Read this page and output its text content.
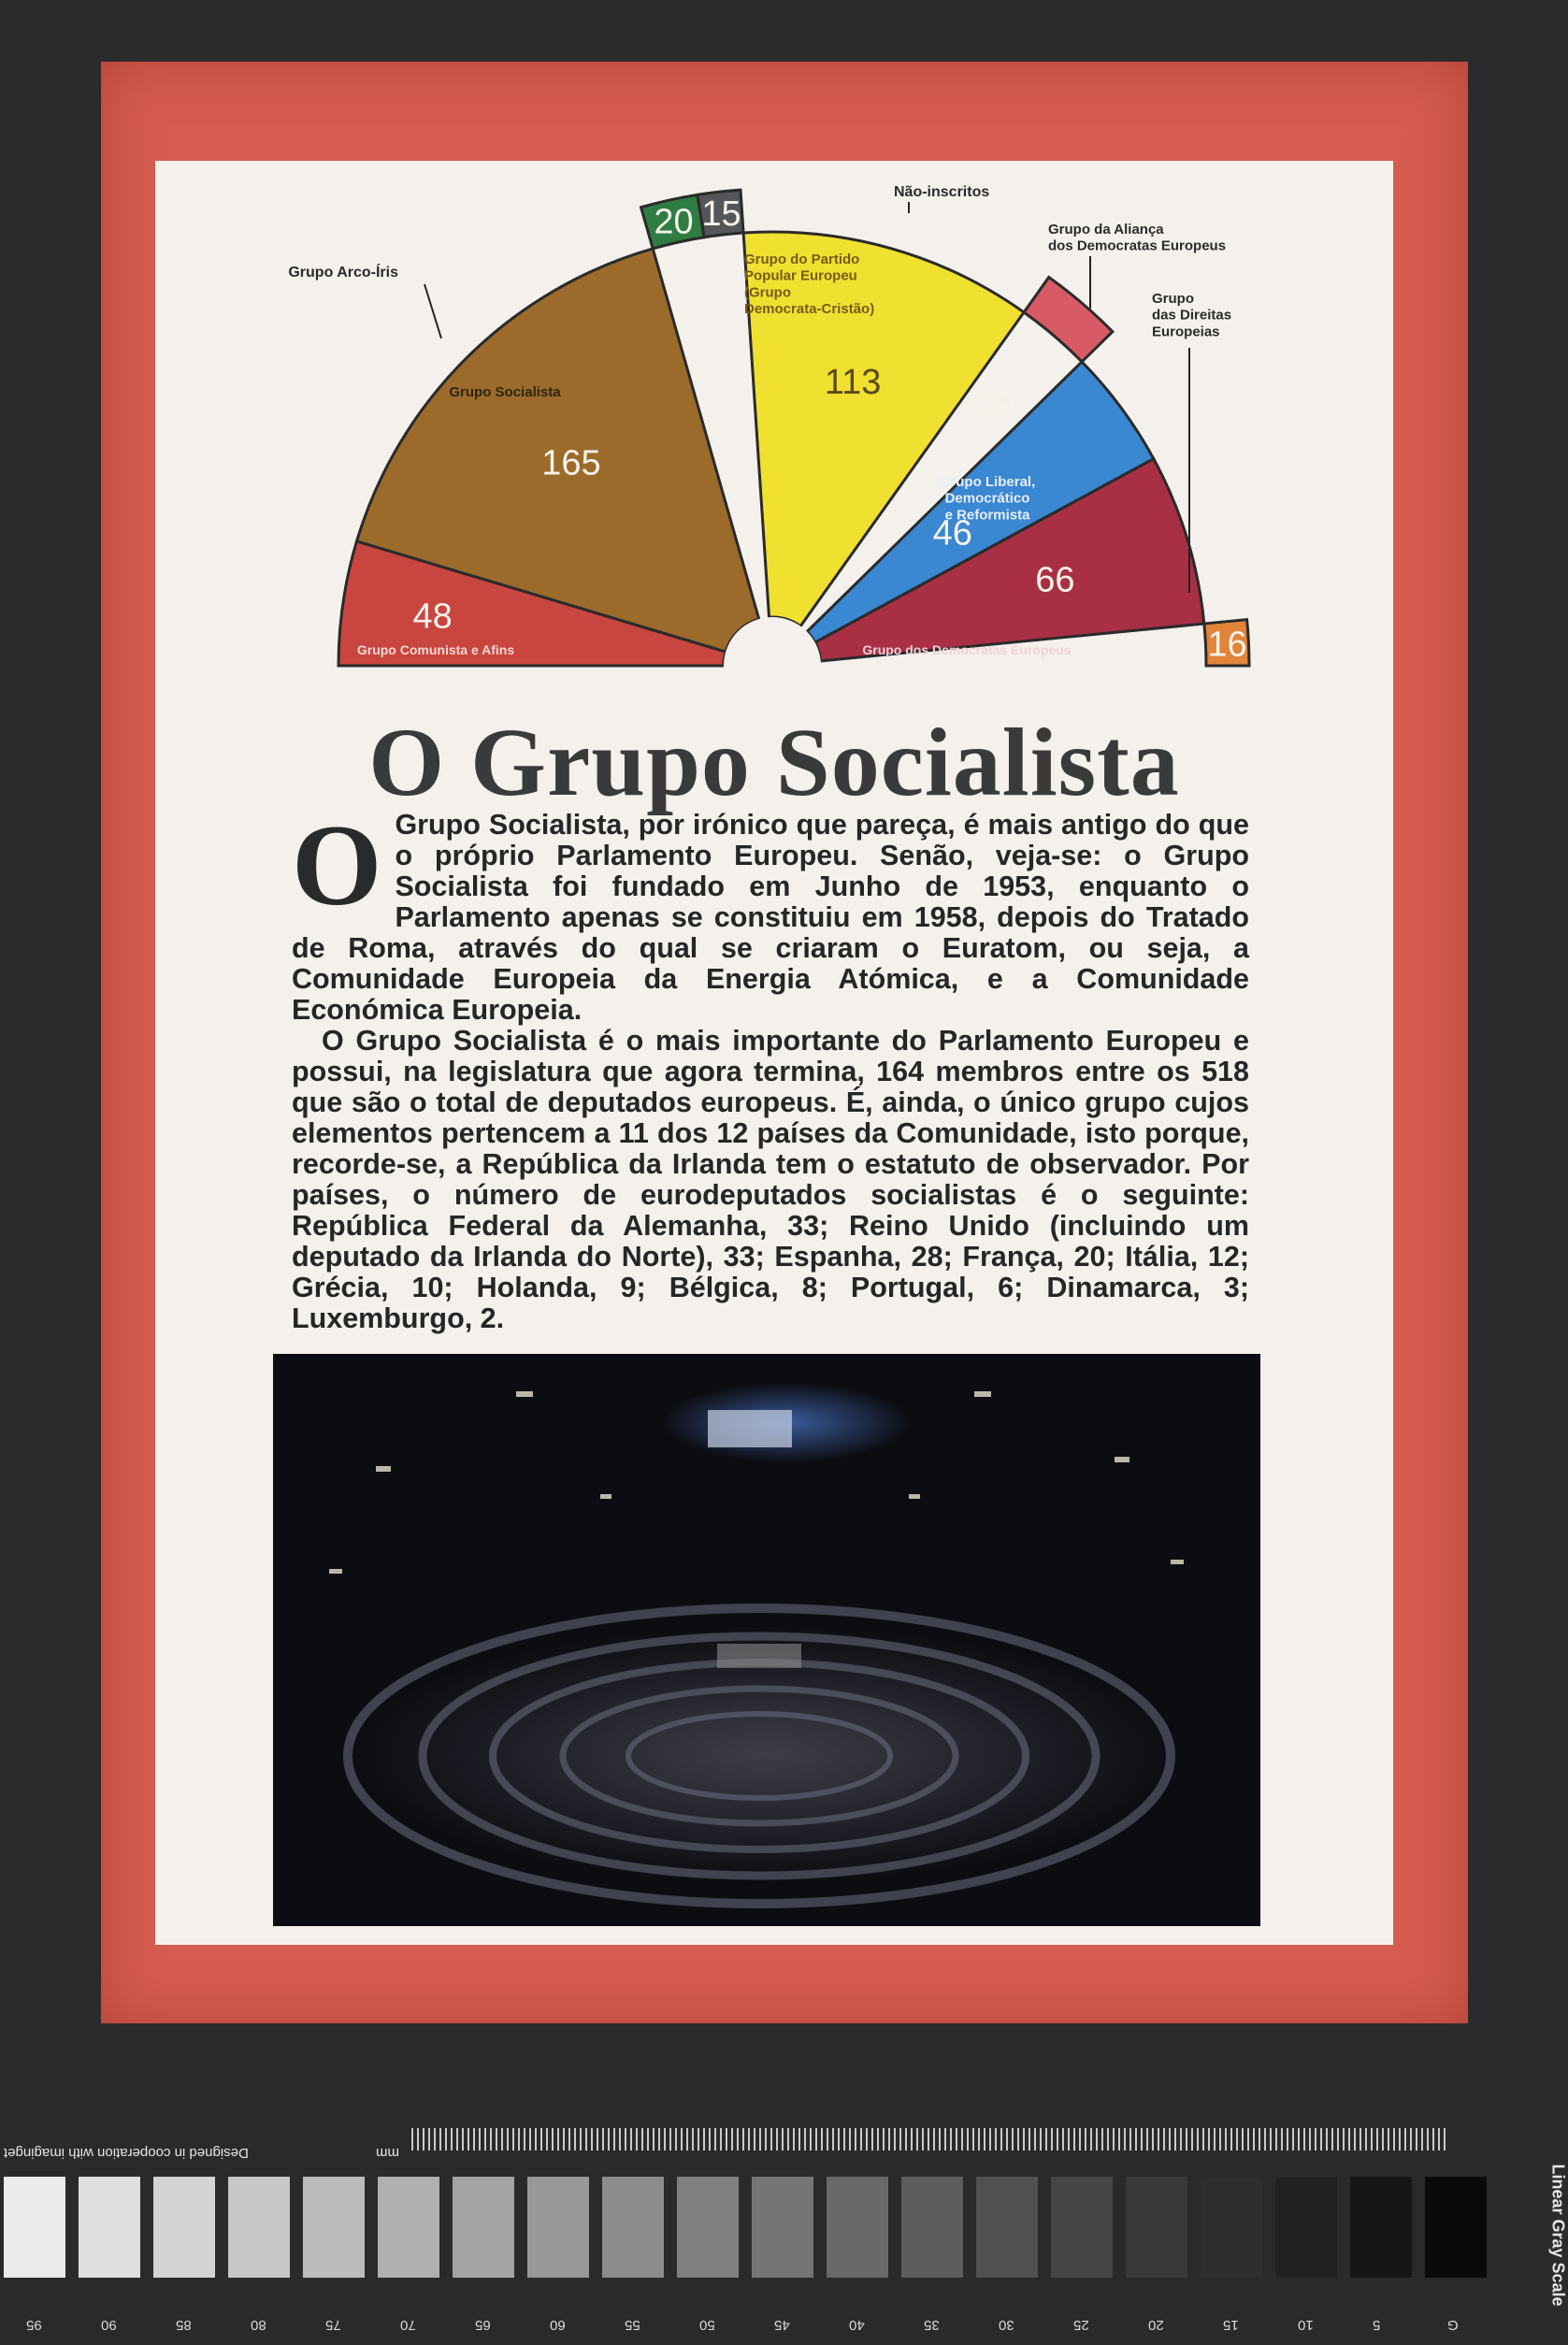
48
165
20 15
113
29
46
66
16
Grupo Arco-Íris
Não-inscritos
Grupo do Partido Popular Europeu (Grupo Democrata-Cristão)
Grupo da Aliança dos Democratas Europeus
Grupo das Direitas Europeias
Grupo Socialista
Grupo Liberal, Democrático e Reformista
Grupo Comunista e Afins	Grupo dos Democratas Europeus
O Grupo Socialista
O Grupo Socialista, por irónico que pareça, é mais antigo do que o próprio Parlamento Europeu. Senão, veja-se: o Grupo Socialista foi fundado em Junho de 1953, enquanto o Parlamento apenas se constituiu em 1958, depois do Tratado de Roma, através do qual se criaram o Euratom, ou seja, a Comunidade Europeia da Energia Atómica, e a Comunidade Económica Europeia.

O Grupo Socialista é o mais importante do Parlamento Europeu e possui, na legislatura que agora termina, 164 membros entre os 518 que são o total de deputados europeus. É, ainda, o único grupo cujos elementos pertencem a 11 dos 12 países da Comunidade, isto porque, recorde-se, a República da Irlanda tem o estatuto de observador. Por países, o número de eurodeputados socialistas é o seguinte: República Federal da Alemanha, 33; Reino Unido (incluindo um deputado da Irlanda do Norte), 33; Espanha, 28; França, 20; Itália, 12; Grécia, 10; Holanda, 9; Bélgica, 8; Portugal, 6; Dinamarca, 3; Luxemburgo, 2.

Designed in cooperation with imaginget	mm
Linear Gray Scale
95	90	85	80	75	70	65	60	55	50	45	40	35	30	25	20	15	10	5	G
